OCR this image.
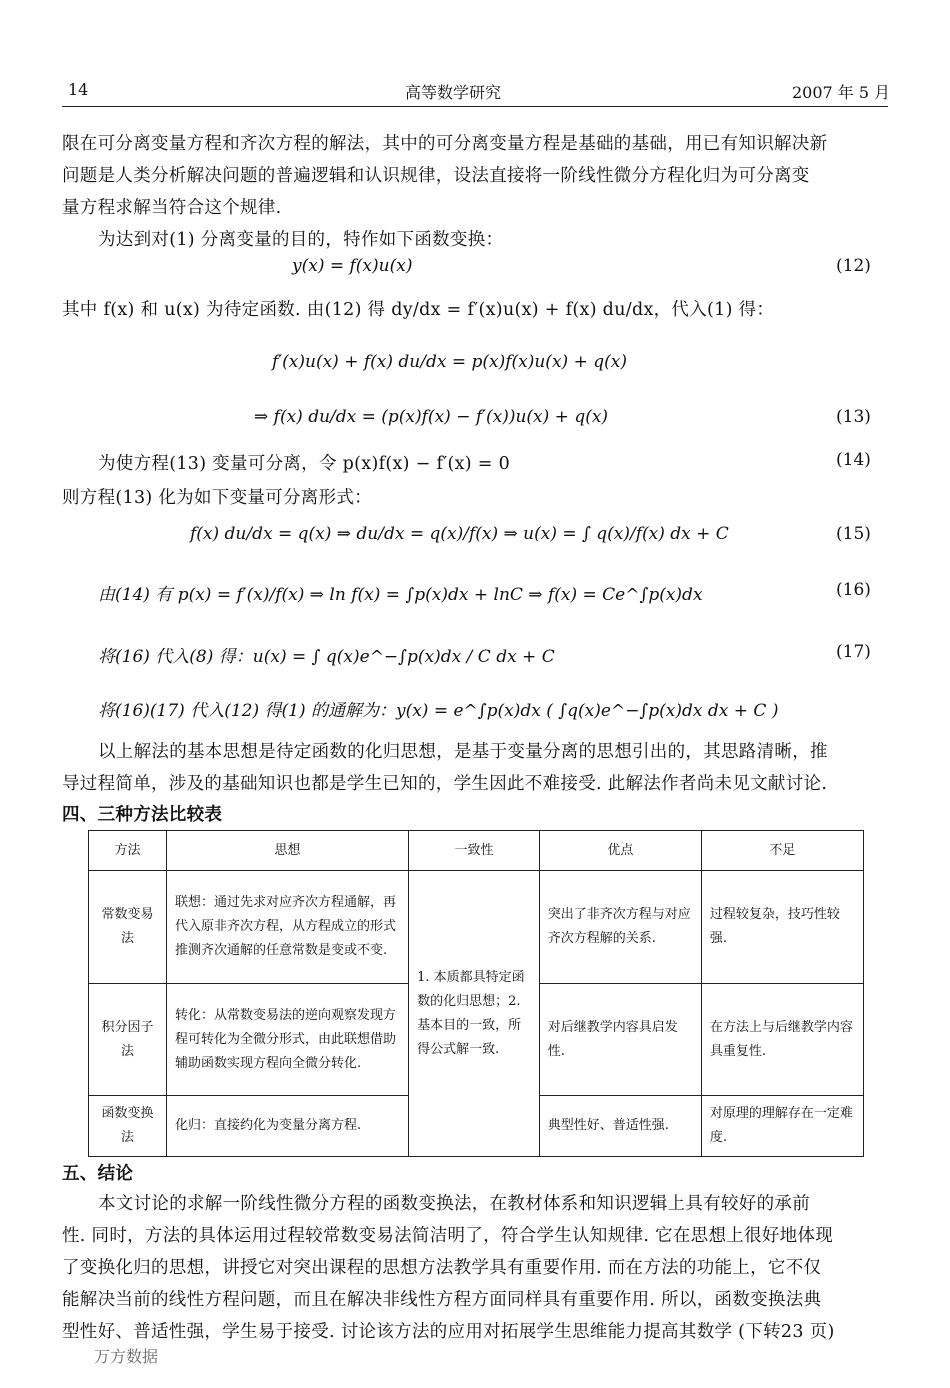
14	高等数学研究	2007 年 5 月
限在可分离变量方程和齐次方程的解法，其中的可分离变量方程是基础的基础，用已有知识解决新
问题是人类分析解决问题的普遍逻辑和认识规律，设法直接将一阶线性微分方程化归为可分离变
量方程求解当符合这个规律.
为达到对(1) 分离变量的目的，特作如下函数变换：
y(x) = f(x)u(x)	(12)
其中 f(x) 和 u(x) 为待定函数. 由(12) 得 dy/dx = f′(x)u(x) + f(x) du/dx，代入(1) 得：
f′(x)u(x) + f(x) du/dx = p(x)f(x)u(x) + q(x)
⇒ f(x) du/dx = (p(x)f(x) − f′(x))u(x) + q(x)	(13)
为使方程(13) 变量可分离，令 p(x)f(x) − f′(x) = 0	(14)
则方程(13) 化为如下变量可分离形式：
f(x) du/dx = q(x) ⇒ du/dx = q(x)/f(x) ⇒ u(x) = ∫ q(x)/f(x) dx + C	(15)
由(14) 有 p(x) = f′(x)/f(x) ⇒ ln f(x) = ∫p(x)dx + lnC ⇒ f(x) = Ce^∫p(x)dx	(16)
将(16) 代入(8) 得：u(x) = ∫ q(x)e^−∫p(x)dx / C dx + C	(17)
将(16)(17) 代入(12) 得(1) 的通解为：y(x) = e^∫p(x)dx ( ∫q(x)e^−∫p(x)dx dx + C )
以上解法的基本思想是待定函数的化归思想，是基于变量分离的思想引出的，其思路清晰，推
导过程简单，涉及的基础知识也都是学生已知的，学生因此不难接受. 此解法作者尚未见文献讨论.
四、三种方法比较表
方法	思想	一致性	优点	不足
常数变易法	联想：通过先求对应齐次方程通解，再代入原非齐次方程，从方程成立的形式推测齐次通解的任意常数是变或不变.	1. 本质都具特定函数的化归思想；2. 基本目的一致，所得公式解一致.	突出了非齐次方程与对应齐次方程解的关系.	过程较复杂，技巧性较强.
积分因子法	转化：从常数变易法的逆向观察发现方程可转化为全微分形式，由此联想借助辅助函数实现方程向全微分转化.		对后继教学内容具启发性.	在方法上与后继教学内容具重复性.
函数变换法	化归：直接约化为变量分离方程.		典型性好、普适性强.	对原理的理解存在一定难度.
五、结论
本文讨论的求解一阶线性微分方程的函数变换法，在教材体系和知识逻辑上具有较好的承前
性. 同时，方法的具体运用过程较常数变易法简洁明了，符合学生认知规律. 它在思想上很好地体现
了变换化归的思想，讲授它对突出课程的思想方法教学具有重要作用. 而在方法的功能上，它不仅
能解决当前的线性方程问题，而且在解决非线性方程方面同样具有重要作用. 所以，函数变换法典
型性好、普适性强，学生易于接受. 讨论该方法的应用对拓展学生思维能力提高其数学 (下转23 页)
万方数据
